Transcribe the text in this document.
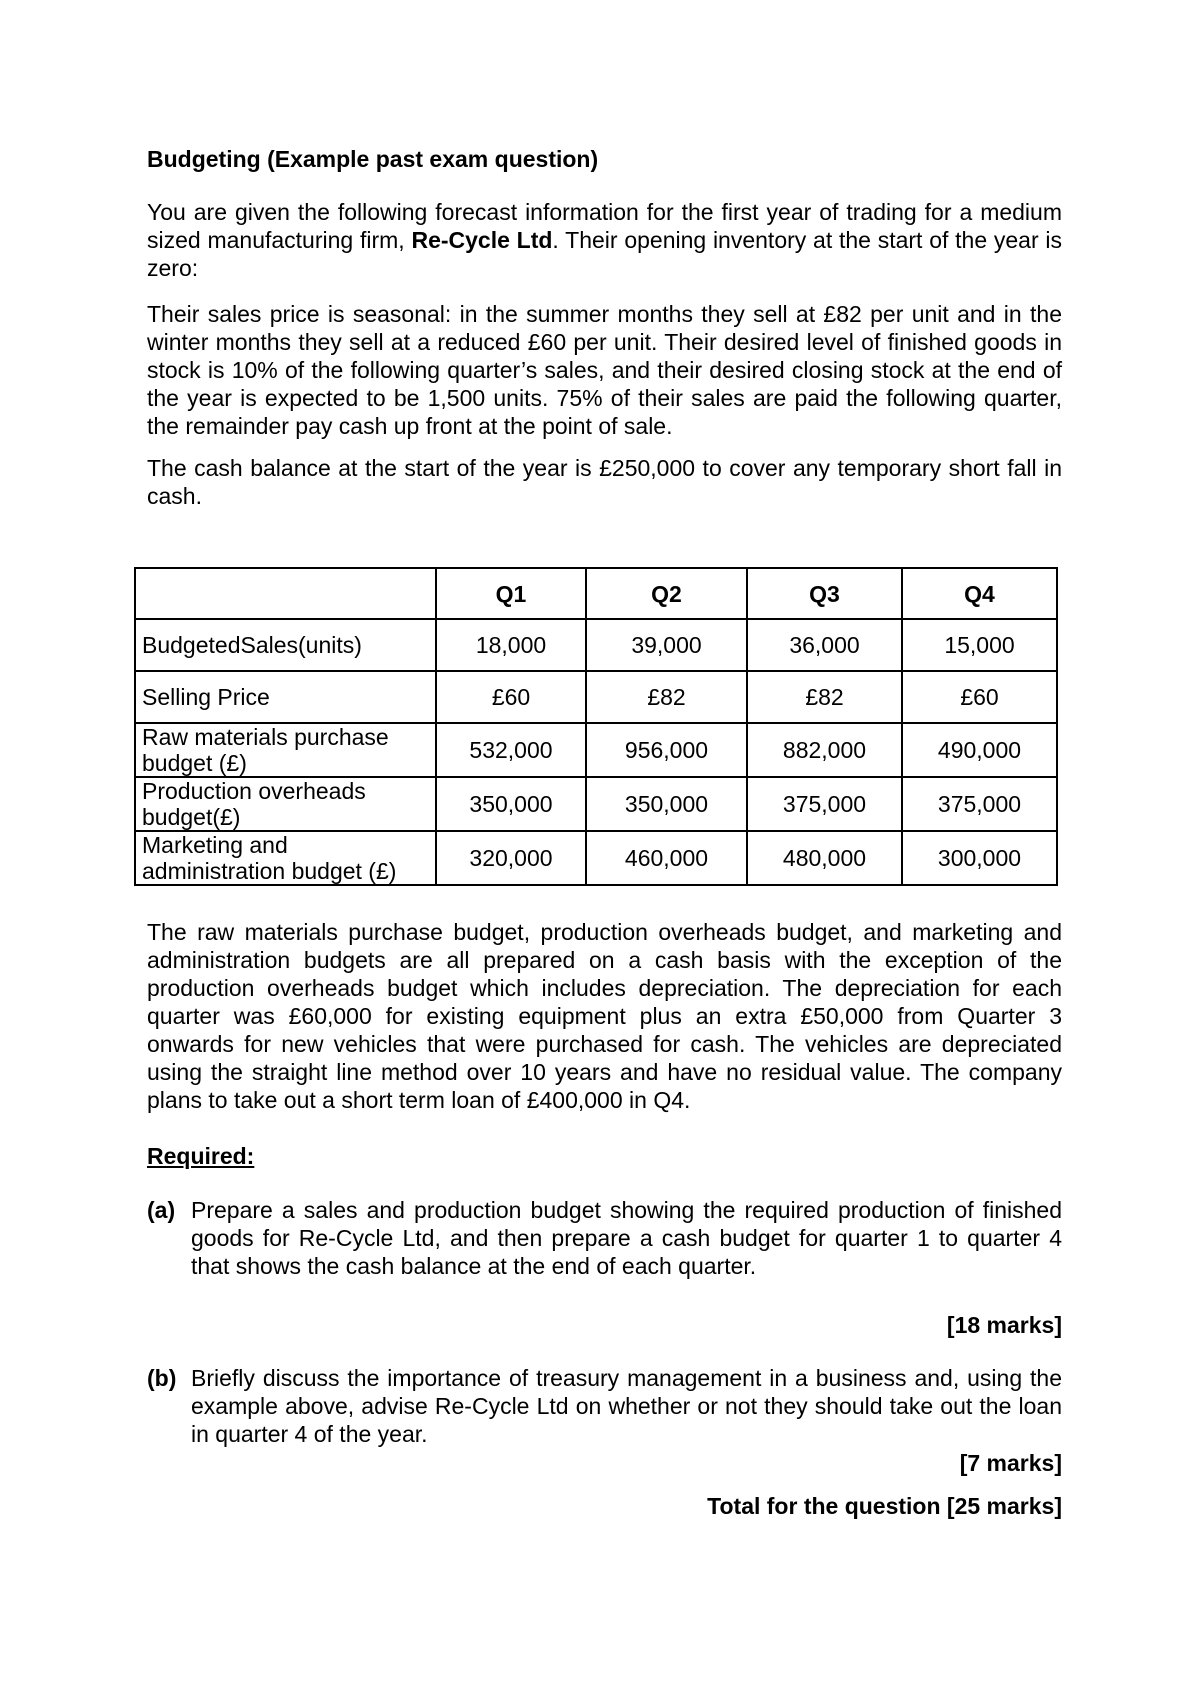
Budgeting (Example past exam question)

You are given the following forecast information for the first year of trading for a medium sized manufacturing firm, Re-Cycle Ltd. Their opening inventory at the start of the year is zero:

Their sales price is seasonal: in the summer months they sell at £82 per unit and in the winter months they sell at a reduced £60 per unit. Their desired level of finished goods in stock is 10% of the following quarter’s sales, and their desired closing stock at the end of the year is expected to be 1,500 units. 75% of their sales are paid the following quarter, the remainder pay cash up front at the point of sale.

The cash balance at the start of the year is £250,000 to cover any temporary short fall in cash.

	Q1	Q2	Q3	Q4
BudgetedSales(units)	18,000	39,000	36,000	15,000
Selling Price	£60	£82	£82	£60
Raw materials purchase budget (£)	532,000	956,000	882,000	490,000
Production overheads budget(£)	350,000	350,000	375,000	375,000
Marketing and administration budget (£)	320,000	460,000	480,000	300,000

The raw materials purchase budget, production overheads budget, and marketing and administration budgets are all prepared on a cash basis with the exception of the production overheads budget which includes depreciation. The depreciation for each quarter was £60,000 for existing equipment plus an extra £50,000 from Quarter 3 onwards for new vehicles that were purchased for cash. The vehicles are depreciated using the straight line method over 10 years and have no residual value. The company plans to take out a short term loan of £400,000 in Q4.

Required:

(a) Prepare a sales and production budget showing the required production of finished goods for Re-Cycle Ltd, and then prepare a cash budget for quarter 1 to quarter 4 that shows the cash balance at the end of each quarter.

[18 marks]

(b) Briefly discuss the importance of treasury management in a business and, using the example above, advise Re-Cycle Ltd on whether or not they should take out the loan in quarter 4 of the year.

[7 marks]

Total for the question [25 marks]
